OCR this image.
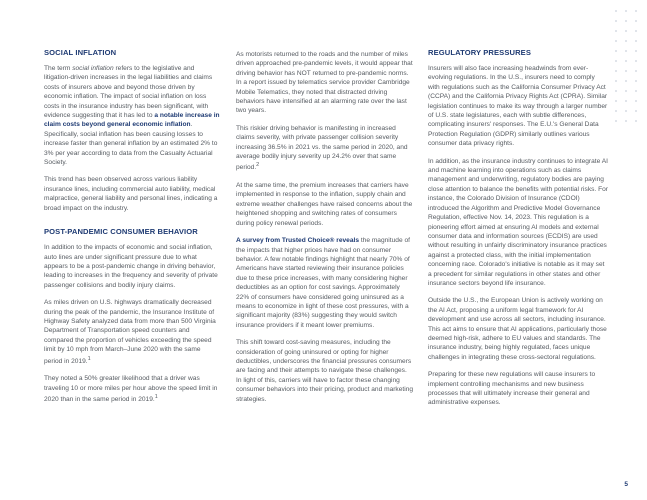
SOCIAL INFLATION

The term social inflation refers to the legislative and litigation-driven increases in the legal liabilities and claims costs of insurers above and beyond those driven by economic inflation. The impact of social inflation on loss costs in the insurance industry has been significant, with evidence suggesting that it has led to a notable increase in claim costs beyond general economic inflation. Specifically, social inflation has been causing losses to increase faster than general inflation by an estimated 2% to 3% per year according to data from the Casualty Actuarial Society.

This trend has been observed across various liability insurance lines, including commercial auto liability, medical malpractice, general liability and personal lines, indicating a broad impact on the industry.

POST-PANDEMIC CONSUMER BEHAVIOR

In addition to the impacts of economic and social inflation, auto lines are under significant pressure due to what appears to be a post-pandemic change in driving behavior, leading to increases in the frequency and severity of private passenger collisions and bodily injury claims.

As miles driven on U.S. highways dramatically decreased during the peak of the pandemic, the Insurance Institute of Highway Safety analyzed data from more than 500 Virginia Department of Transportation speed counters and compared the proportion of vehicles exceeding the speed limit by 10 mph from March–June 2020 with the same period in 2019.$^1$

They noted a 50% greater likelihood that a driver was traveling 10 or more miles per hour above the speed limit in 2020 than in the same period in 2019.$^1$

As motorists returned to the roads and the number of miles driven approached pre-pandemic levels, it would appear that driving behavior has NOT returned to pre-pandemic norms. In a report issued by telematics service provider Cambridge Mobile Telematics, they noted that distracted driving behaviors have intensified at an alarming rate over the last two years.

This riskier driving behavior is manifesting in increased claims severity, with private passenger collision severity increasing 36.5% in 2021 vs. the same period in 2020, and average bodily injury severity up 24.2% over that same period.$^2$

At the same time, the premium increases that carriers have implemented in response to the inflation, supply chain and extreme weather challenges have raised concerns about the heightened shopping and switching rates of consumers during policy renewal periods.

A survey from Trusted Choice® reveals the magnitude of the impacts that higher prices have had on consumer behavior. A few notable findings highlight that nearly 70% of Americans have started reviewing their insurance policies due to these price increases, with many considering higher deductibles as an option for cost savings. Approximately 22% of consumers have considered going uninsured as a means to economize in light of these cost pressures, with a significant majority (83%) suggesting they would switch insurance providers if it meant lower premiums.

This shift toward cost-saving measures, including the consideration of going uninsured or opting for higher deductibles, underscores the financial pressures consumers are facing and their attempts to navigate these challenges. In light of this, carriers will have to factor these changing consumer behaviors into their pricing, product and marketing strategies.

REGULATORY PRESSURES

Insurers will also face increasing headwinds from ever-evolving regulations. In the U.S., insurers need to comply with regulations such as the California Consumer Privacy Act (CCPA) and the California Privacy Rights Act (CPRA). Similar legislation continues to make its way through a larger number of U.S. state legislatures, each with subtle differences, complicating insurers' responses. The E.U.'s General Data Protection Regulation (GDPR) similarly outlines various consumer data privacy rights.

In addition, as the insurance industry continues to integrate AI and machine learning into operations such as claims management and underwriting, regulatory bodies are paying close attention to balance the benefits with potential risks. For instance, the Colorado Division of Insurance (CDOI) introduced the Algorithm and Predictive Model Governance Regulation, effective Nov. 14, 2023. This regulation is a pioneering effort aimed at ensuring AI models and external consumer data and information sources (ECDIS) are used without resulting in unfairly discriminatory insurance practices against a protected class, with the initial implementation concerning race. Colorado's initiative is notable as it may set a precedent for similar regulations in other states and other insurance sectors beyond life insurance.

Outside the U.S., the European Union is actively working on the AI Act, proposing a uniform legal framework for AI development and use across all sectors, including insurance. This act aims to ensure that AI applications, particularly those deemed high-risk, adhere to EU values and standards. The insurance industry, being highly regulated, faces unique challenges in integrating these cross-sectoral regulations.

Preparing for these new regulations will cause insurers to implement controlling mechanisms and new business processes that will ultimately increase their general and administrative expenses.

5
